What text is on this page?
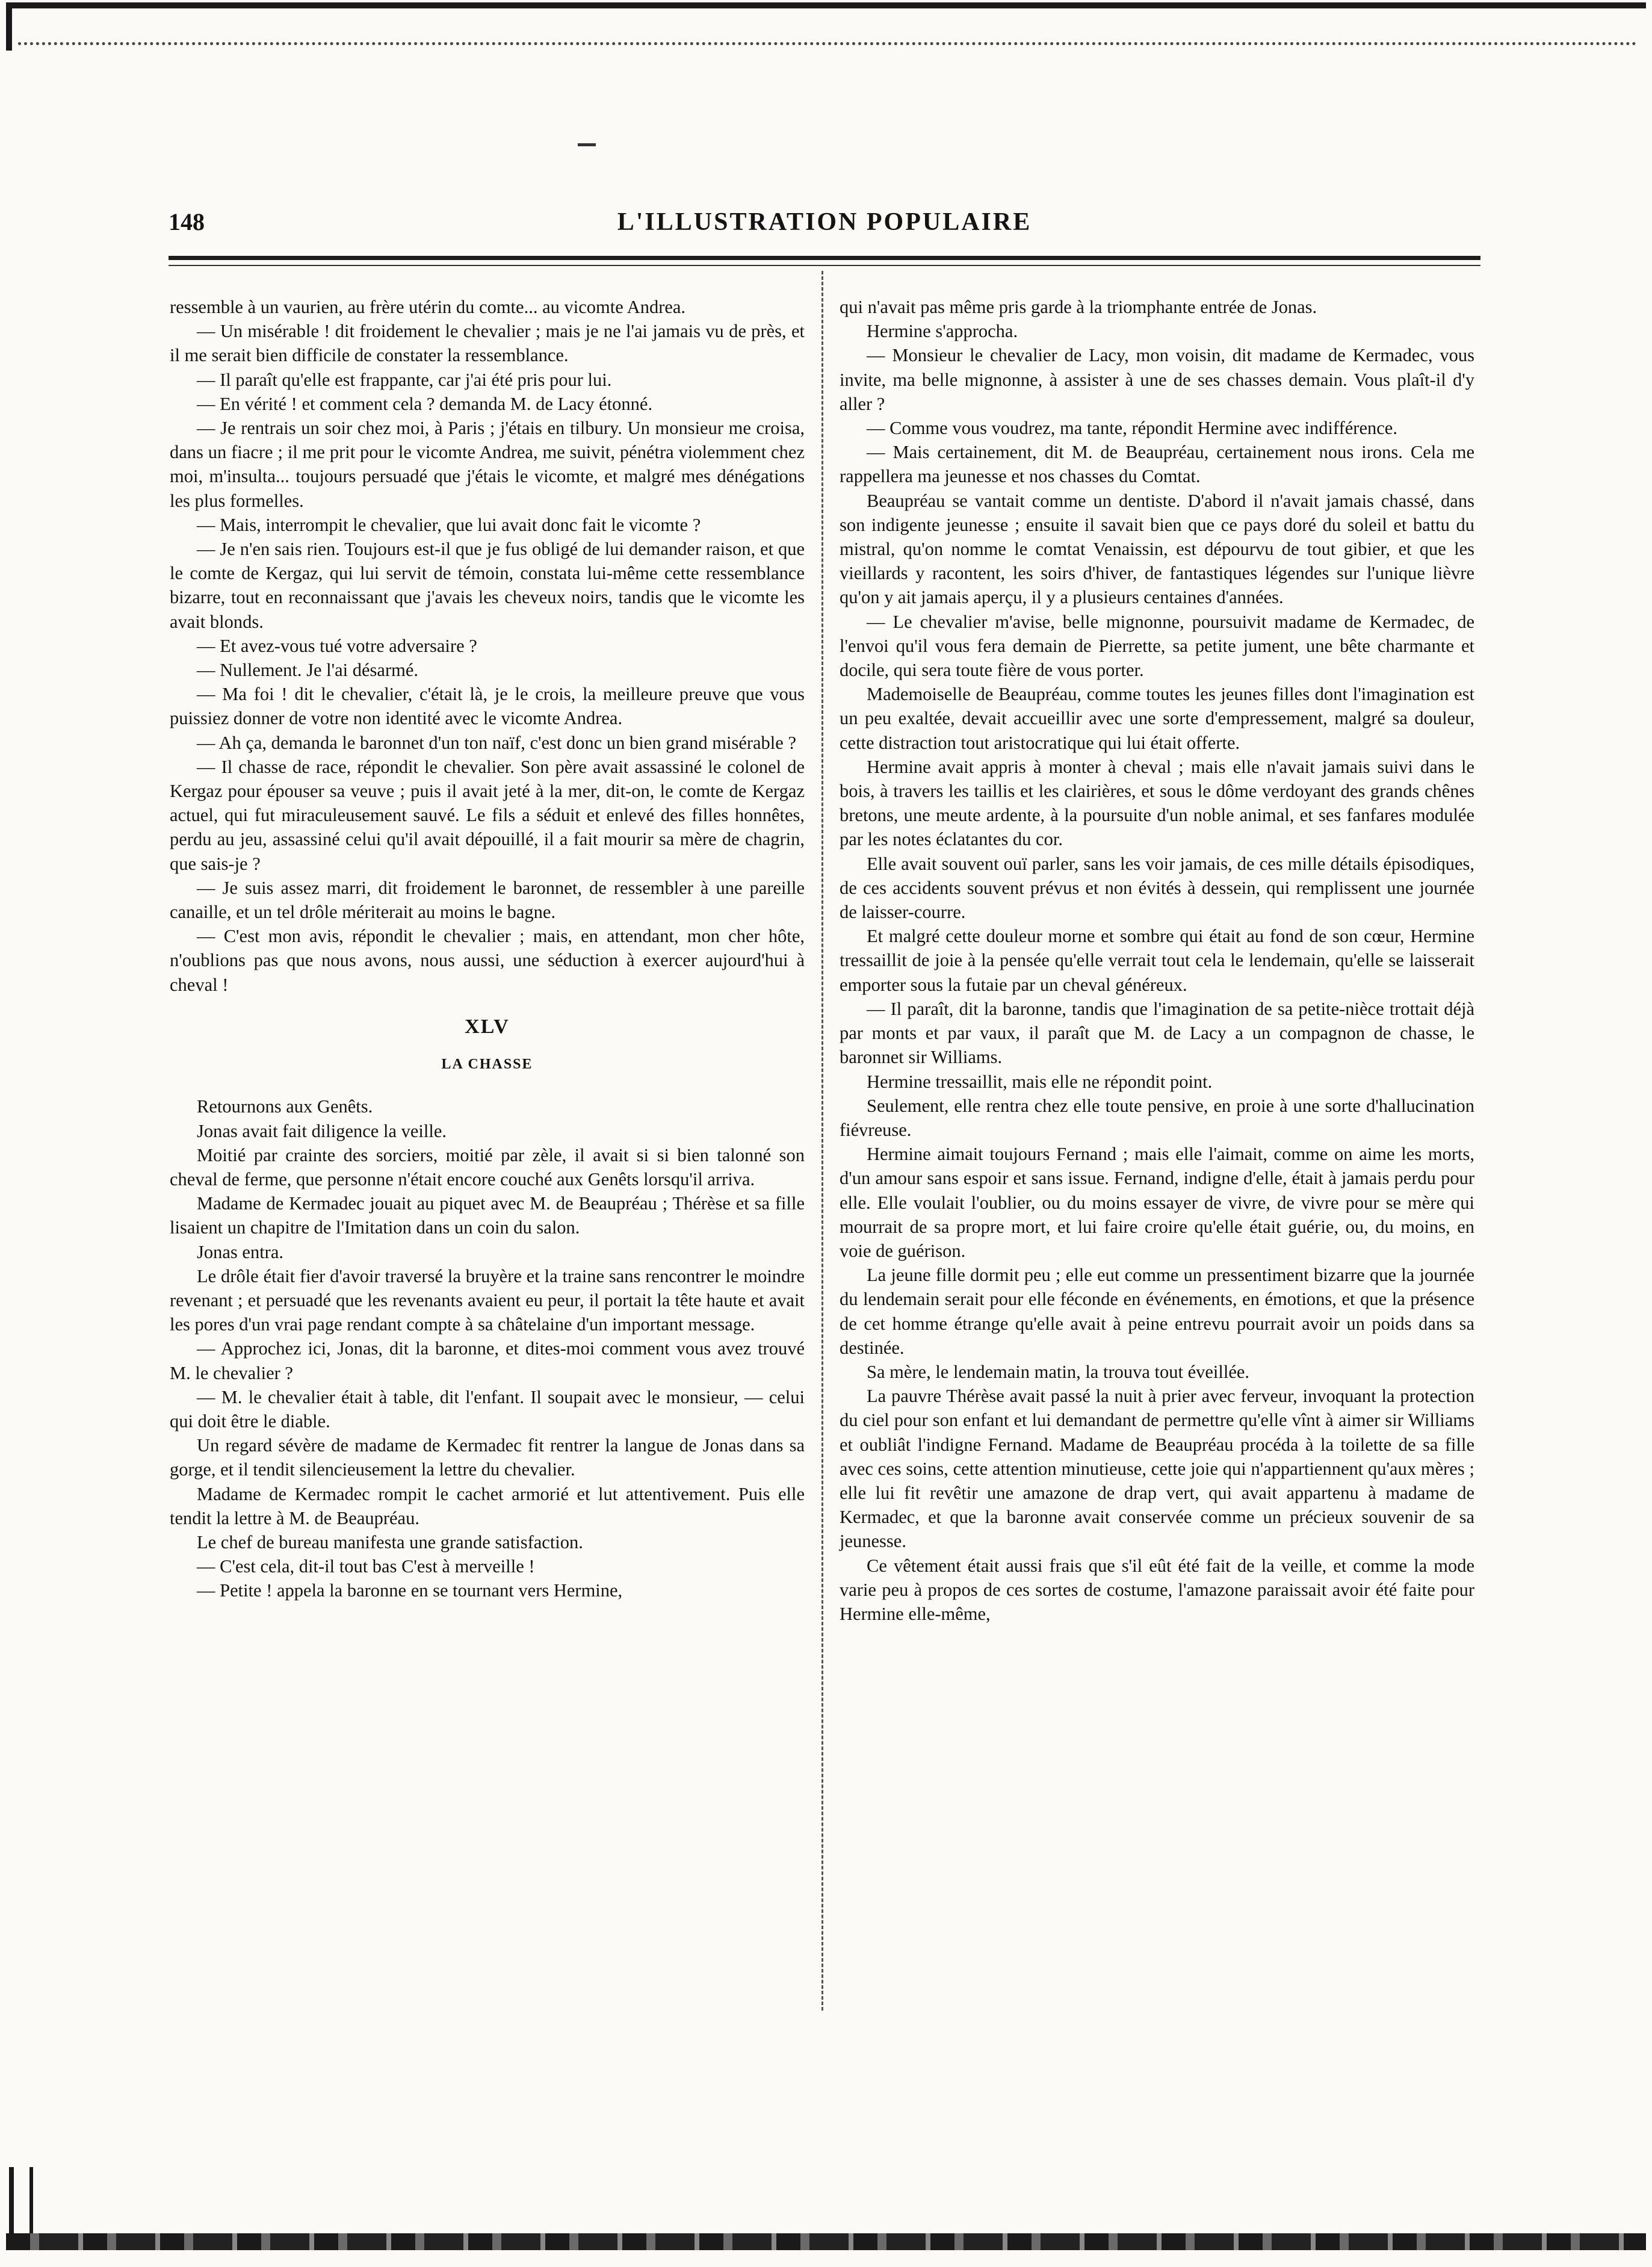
148	L'ILLUSTRATION POPULAIRE

ressemble à un vaurien, au frère utérin du comte... au vicomte Andrea.

— Un misérable ! dit froidement le chevalier ; mais je ne l'ai jamais vu de près, et il me serait bien difficile de constater la ressemblance.

— Il paraît qu'elle est frappante, car j'ai été pris pour lui.

— En vérité ! et comment cela ? demanda M. de Lacy étonné.

— Je rentrais un soir chez moi, à Paris ; j'étais en tilbury. Un monsieur me croisa, dans un fiacre ; il me prit pour le vicomte Andrea, me suivit, pénétra violemment chez moi, m'insulta... toujours persuadé que j'étais le vicomte, et malgré mes dénégations les plus formelles.

— Mais, interrompit le chevalier, que lui avait donc fait le vicomte ?

— Je n'en sais rien. Toujours est-il que je fus obligé de lui demander raison, et que le comte de Kergaz, qui lui servit de témoin, constata lui-même cette ressemblance bizarre, tout en reconnaissant que j'avais les cheveux noirs, tandis que le vicomte les avait blonds.

— Et avez-vous tué votre adversaire ?

— Nullement. Je l'ai désarmé.

— Ma foi ! dit le chevalier, c'était là, je le crois, la meilleure preuve que vous puissiez donner de votre non identité avec le vicomte Andrea.

— Ah ça, demanda le baronnet d'un ton naïf, c'est donc un bien grand misérable ?

— Il chasse de race, répondit le chevalier. Son père avait assassiné le colonel de Kergaz pour épouser sa veuve ; puis il avait jeté à la mer, dit-on, le comte de Kergaz actuel, qui fut miraculeusement sauvé. Le fils a séduit et enlevé des filles honnêtes, perdu au jeu, assassiné celui qu'il avait dépouillé, il a fait mourir sa mère de chagrin, que sais-je ?

— Je suis assez marri, dit froidement le baronnet, de ressembler à une pareille canaille, et un tel drôle mériterait au moins le bagne.

— C'est mon avis, répondit le chevalier ; mais, en attendant, mon cher hôte, n'oublions pas que nous avons, nous aussi, une séduction à exercer aujourd'hui à cheval !

XLV
LA CHASSE

Retournons aux Genêts.

Jonas avait fait diligence la veille.

Moitié par crainte des sorciers, moitié par zèle, il avait si si bien talonné son cheval de ferme, que personne n'était encore couché aux Genêts lorsqu'il arriva.

Madame de Kermadec jouait au piquet avec M. de Beaupréau ; Thérèse et sa fille lisaient un chapitre de l'Imitation dans un coin du salon.

Jonas entra.

Le drôle était fier d'avoir traversé la bruyère et la traine sans rencontrer le moindre revenant ; et persuadé que les revenants avaient eu peur, il portait la tête haute et avait les pores d'un vrai page rendant compte à sa châtelaine d'un important message.

— Approchez ici, Jonas, dit la baronne, et dites-moi comment vous avez trouvé M. le chevalier ?

— M. le chevalier était à table, dit l'enfant. Il soupait avec le monsieur, — celui qui doit être le diable.

Un regard sévère de madame de Kermadec fit rentrer la langue de Jonas dans sa gorge, et il tendit silencieusement la lettre du chevalier.

Madame de Kermadec rompit le cachet armorié et lut attentivement. Puis elle tendit la lettre à M. de Beaupréau.

Le chef de bureau manifesta une grande satisfaction.

— C'est cela, dit-il tout bas C'est à merveille !

— Petite ! appela la baronne en se tournant vers Hermine,

qui n'avait pas même pris garde à la triomphante entrée de Jonas.

Hermine s'approcha.

— Monsieur le chevalier de Lacy, mon voisin, dit madame de Kermadec, vous invite, ma belle mignonne, à assister à une de ses chasses demain. Vous plaît-il d'y aller ?

— Comme vous voudrez, ma tante, répondit Hermine avec indifférence.

— Mais certainement, dit M. de Beaupréau, certainement nous irons. Cela me rappellera ma jeunesse et nos chasses du Comtat.

Beaupréau se vantait comme un dentiste. D'abord il n'avait jamais chassé, dans son indigente jeunesse ; ensuite il savait bien que ce pays doré du soleil et battu du mistral, qu'on nomme le comtat Venaissin, est dépourvu de tout gibier, et que les vieillards y racontent, les soirs d'hiver, de fantastiques légendes sur l'unique lièvre qu'on y ait jamais aperçu, il y a plusieurs centaines d'années.

— Le chevalier m'avise, belle mignonne, poursuivit madame de Kermadec, de l'envoi qu'il vous fera demain de Pierrette, sa petite jument, une bête charmante et docile, qui sera toute fière de vous porter.

Mademoiselle de Beaupréau, comme toutes les jeunes filles dont l'imagination est un peu exaltée, devait accueillir avec une sorte d'empressement, malgré sa douleur, cette distraction tout aristocratique qui lui était offerte.

Hermine avait appris à monter à cheval ; mais elle n'avait jamais suivi dans le bois, à travers les taillis et les clairières, et sous le dôme verdoyant des grands chênes bretons, une meute ardente, à la poursuite d'un noble animal, et ses fanfares modulée par les notes éclatantes du cor.

Elle avait souvent ouï parler, sans les voir jamais, de ces mille détails épisodiques, de ces accidents souvent prévus et non évités à dessein, qui remplissent une journée de laisser-courre.

Et malgré cette douleur morne et sombre qui était au fond de son cœur, Hermine tressaillit de joie à la pensée qu'elle verrait tout cela le lendemain, qu'elle se laisserait emporter sous la futaie par un cheval généreux.

— Il paraît, dit la baronne, tandis que l'imagination de sa petite-nièce trottait déjà par monts et par vaux, il paraît que M. de Lacy a un compagnon de chasse, le baronnet sir Williams.

Hermine tressaillit, mais elle ne répondit point.

Seulement, elle rentra chez elle toute pensive, en proie à une sorte d'hallucination fiévreuse.

Hermine aimait toujours Fernand ; mais elle l'aimait, comme on aime les morts, d'un amour sans espoir et sans issue. Fernand, indigne d'elle, était à jamais perdu pour elle. Elle voulait l'oublier, ou du moins essayer de vivre, de vivre pour se mère qui mourrait de sa propre mort, et lui faire croire qu'elle était guérie, ou, du moins, en voie de guérison.

La jeune fille dormit peu ; elle eut comme un pressentiment bizarre que la journée du lendemain serait pour elle féconde en événements, en émotions, et que la présence de cet homme étrange qu'elle avait à peine entrevu pourrait avoir un poids dans sa destinée.

Sa mère, le lendemain matin, la trouva tout éveillée.

La pauvre Thérèse avait passé la nuit à prier avec ferveur, invoquant la protection du ciel pour son enfant et lui demandant de permettre qu'elle vînt à aimer sir Williams et oubliât l'indigne Fernand. Madame de Beaupréau procéda à la toilette de sa fille avec ces soins, cette attention minutieuse, cette joie qui n'appartiennent qu'aux mères ; elle lui fit revêtir une amazone de drap vert, qui avait appartenu à madame de Kermadec, et que la baronne avait conservée comme un précieux souvenir de sa jeunesse.

Ce vêtement était aussi frais que s'il eût été fait de la veille, et comme la mode varie peu à propos de ces sortes de costume, l'amazone paraissait avoir été faite pour Hermine elle-même,
